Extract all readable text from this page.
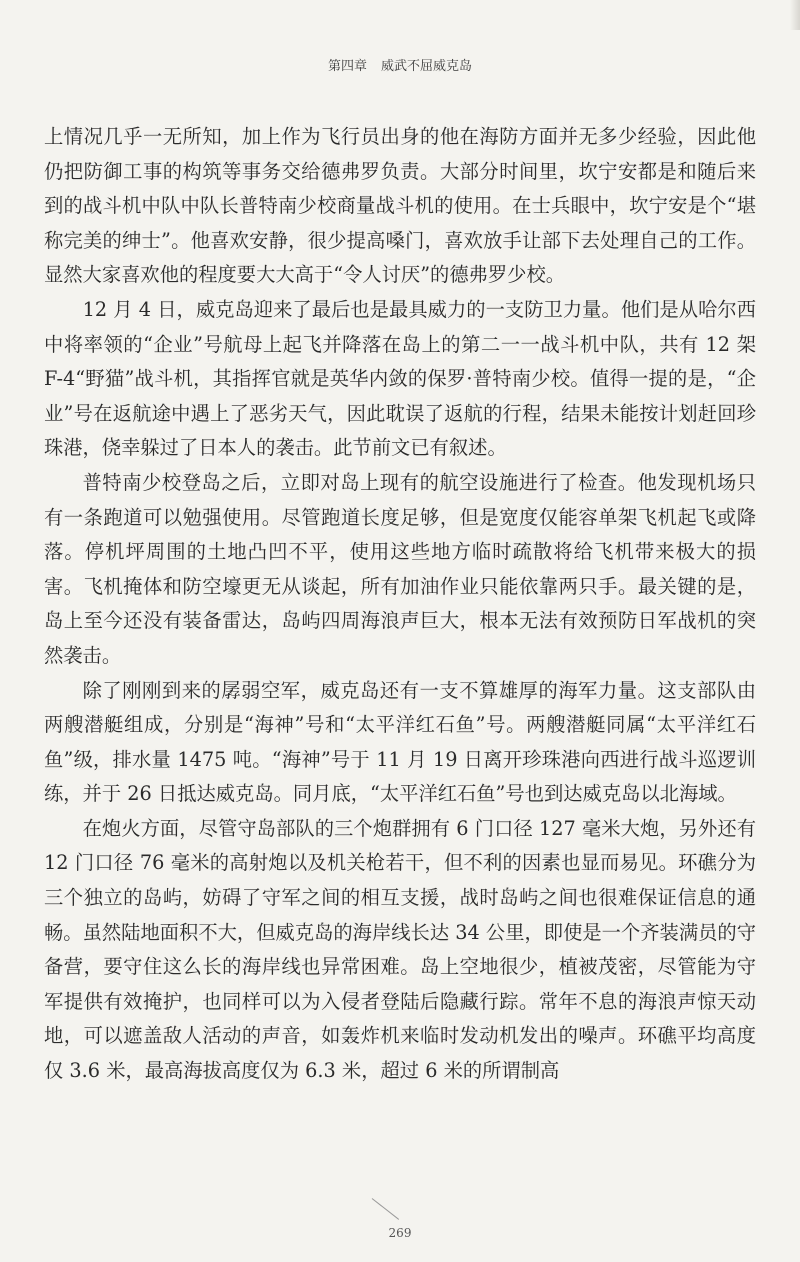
第四章 威武不屈威克岛

上情况几乎一无所知，加上作为飞行员出身的他在海防方面并无多少经验，因此他仍把防御工事的构筑等事务交给德弗罗负责。大部分时间里，坎宁安都是和随后来到的战斗机中队中队长普特南少校商量战斗机的使用。在士兵眼中，坎宁安是个“堪称完美的绅士”。他喜欢安静，很少提高嗓门，喜欢放手让部下去处理自己的工作。显然大家喜欢他的程度要大大高于“令人讨厌”的德弗罗少校。

12 月 4 日，威克岛迎来了最后也是最具威力的一支防卫力量。他们是从哈尔西中将率领的“企业”号航母上起飞并降落在岛上的第二一一战斗机中队，共有 12 架 F-4“野猫”战斗机，其指挥官就是英华内敛的保罗·普特南少校。值得一提的是，“企业”号在返航途中遇上了恶劣天气，因此耽误了返航的行程，结果未能按计划赶回珍珠港，侥幸躲过了日本人的袭击。此节前文已有叙述。

普特南少校登岛之后，立即对岛上现有的航空设施进行了检查。他发现机场只有一条跑道可以勉强使用。尽管跑道长度足够，但是宽度仅能容单架飞机起飞或降落。停机坪周围的土地凸凹不平，使用这些地方临时疏散将给飞机带来极大的损害。飞机掩体和防空壕更无从谈起，所有加油作业只能依靠两只手。最关键的是，岛上至今还没有装备雷达，岛屿四周海浪声巨大，根本无法有效预防日军战机的突然袭击。

除了刚刚到来的孱弱空军，威克岛还有一支不算雄厚的海军力量。这支部队由两艘潜艇组成，分别是“海神”号和“太平洋红石鱼”号。两艘潜艇同属“太平洋红石鱼”级，排水量 1475 吨。“海神”号于 11 月 19 日离开珍珠港向西进行战斗巡逻训练，并于 26 日抵达威克岛。同月底，“太平洋红石鱼”号也到达威克岛以北海域。

在炮火方面，尽管守岛部队的三个炮群拥有 6 门口径 127 毫米大炮，另外还有 12 门口径 76 毫米的高射炮以及机关枪若干，但不利的因素也显而易见。环礁分为三个独立的岛屿，妨碍了守军之间的相互支援，战时岛屿之间也很难保证信息的通畅。虽然陆地面积不大，但威克岛的海岸线长达 34 公里，即使是一个齐装满员的守备营，要守住这么长的海岸线也异常困难。岛上空地很少，植被茂密，尽管能为守军提供有效掩护，也同样可以为入侵者登陆后隐藏行踪。常年不息的海浪声惊天动地，可以遮盖敌人活动的声音，如轰炸机来临时发动机发出的噪声。环礁平均高度仅 3.6 米，最高海拔高度仅为 6.3 米，超过 6 米的所谓制高

269
